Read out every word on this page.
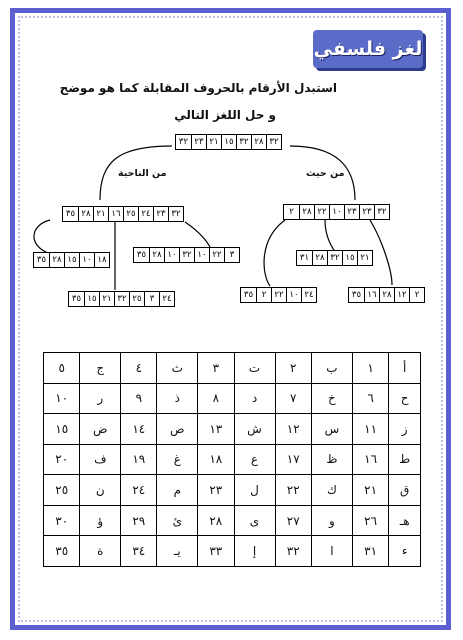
لغز فلسفي
استبدل الأرقام بالحروف المقابلة كما هو موضح
و حل اللغز التالي
٣٢
٢٨
٣٢
١٥
٢١
٢٣
٣٢
من الناحية	من حيث
٣٢
٢٣
٢٤
٢٥
١٦
٢١
٢٨
٣٥	٣٢
٢٣
٢٣
١٠
٢٢
٢٨
٢
١٨
١٠
١٥
٢٨
٣٥	٣
٢٢
١٠
٣٢
١٠
٢٨
٣٥
٢٤
٣
٢٥
٣٢
٢١
١٥
٣٥
٢١
١٥
٣٢
٢٨
٣١
٢٤
١٠
٢٢
٢
٣٥	٢
١٢
٢٨
١٦
٣٥
أ	١	ب	٢	ت	٣	ث	٤	ج	٥
ح	٦	خ	٧	د	٨	ذ	٩	ر	١٠
ز	١١	س	١٢	ش	١٣	ص	١٤	ض	١٥
ط	١٦	ظ	١٧	ع	١٨	غ	١٩	ف	٢٠
ق	٢١	ك	٢٢	ل	٢٣	م	٢٤	ن	٢٥
هـ	٢٦	و	٢٧	ى	٢٨	ئ	٢٩	ؤ	٣٠
ء	٣١	ا	٣٢	إ	٣٣	يـ	٣٤	ة	٣٥
